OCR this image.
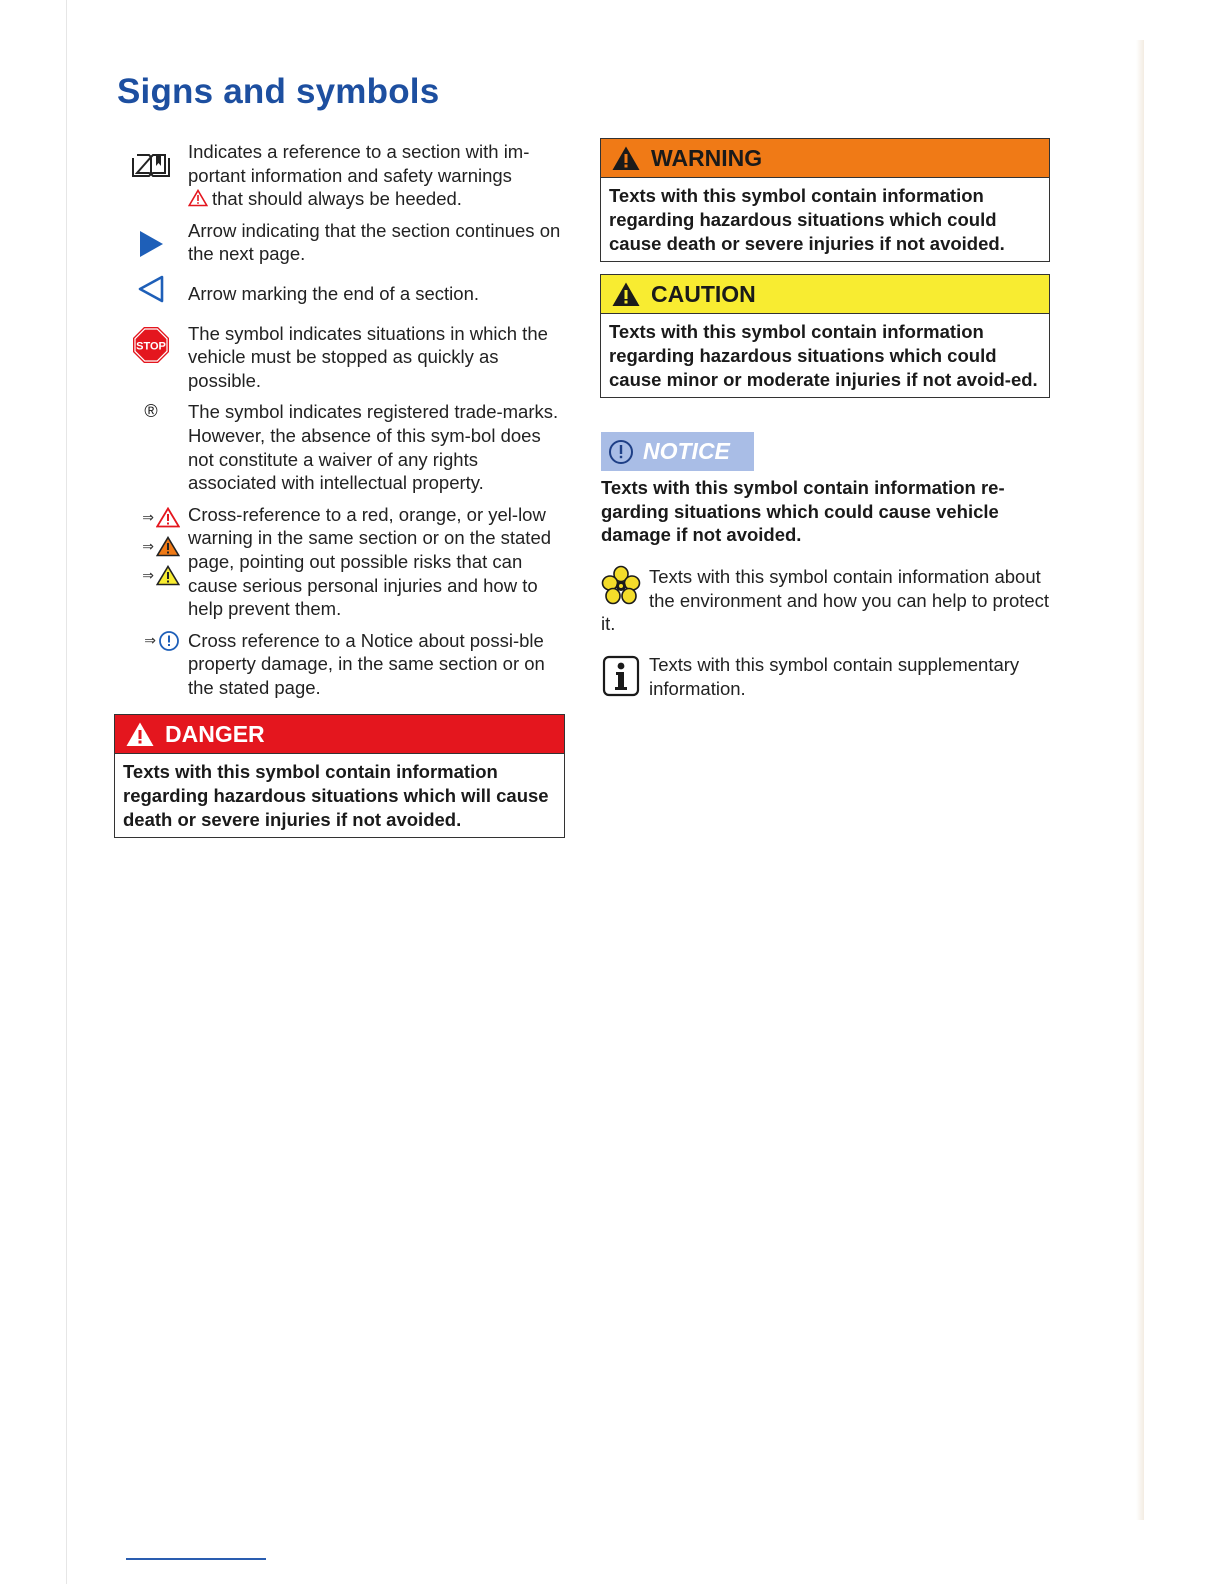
Signs and symbols
Indicates a reference to a section with im-portant information and safety warnings
that should always be heeded.
Arrow indicating that the section continues on the next page.
Arrow marking the end of a section.
STOP
The symbol indicates situations in which the vehicle must be stopped as quickly as possible.
®	The symbol indicates registered trade-marks. However, the absence of this sym-bol does not constitute a waiver of any rights associated with intellectual property.
⇒
⇒
⇒
Cross-reference to a red, orange, or yel-low warning in the same section or on the stated page, pointing out possible risks that can cause serious personal injuries and how to help prevent them.
⇒ Cross reference to a Notice about possi-ble property damage, in the same section or on the stated page.
DANGER
Texts with this symbol contain information regarding hazardous situations which will cause death or severe injuries if not avoided.
WARNING
Texts with this symbol contain information regarding hazardous situations which could cause death or severe injuries if not avoided.
CAUTION
Texts with this symbol contain information regarding hazardous situations which could cause minor or moderate injuries if not avoid-ed.
NOTICE
Texts with this symbol contain information re-garding situations which could cause vehicle damage if not avoided.
Texts with this symbol contain information about the environment and how you can help to protect it.
Texts with this symbol contain supplementary information.
